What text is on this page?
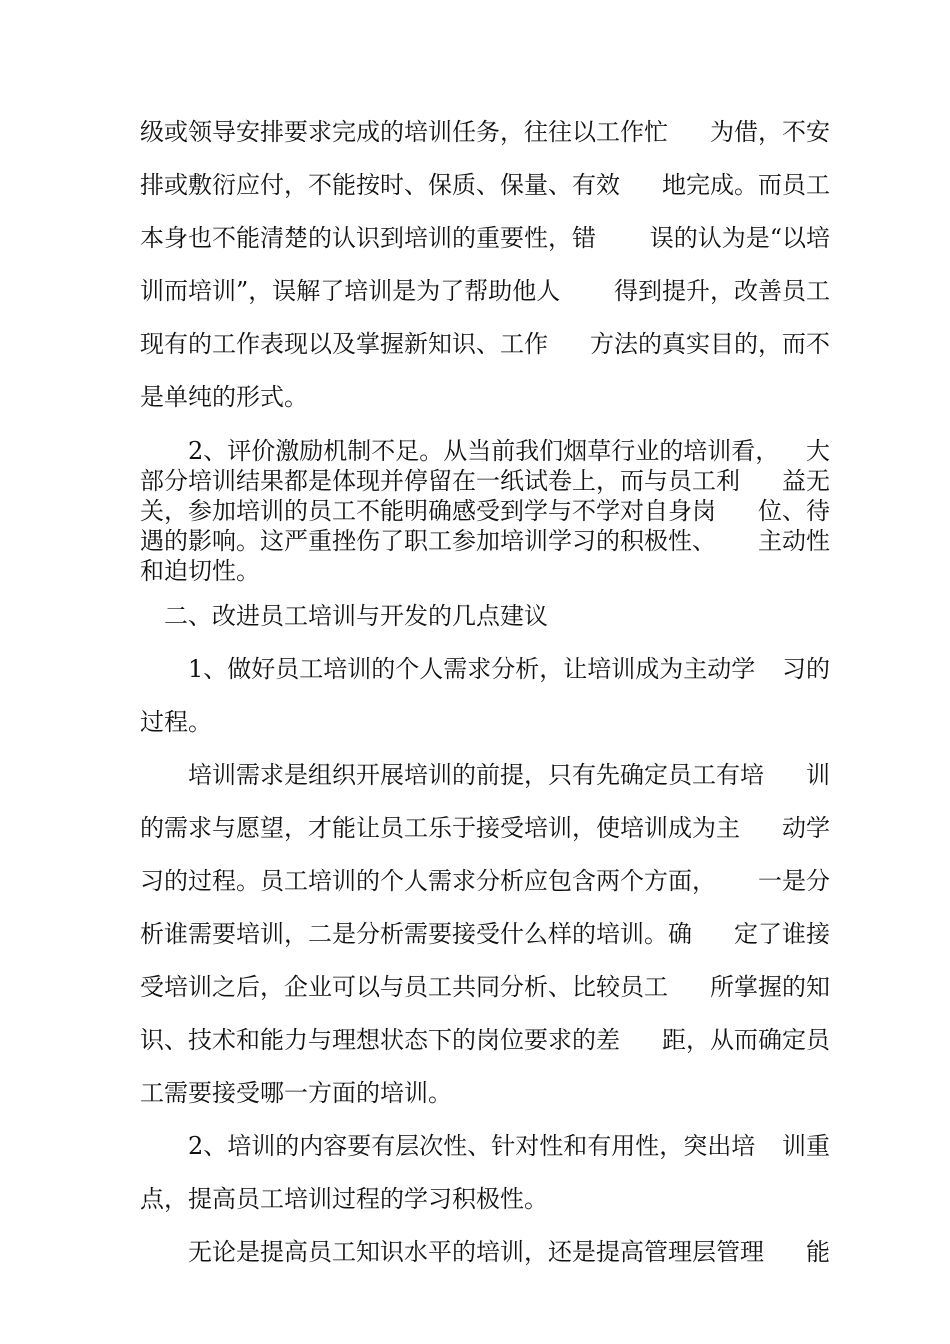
级或领导安排要求完成的培训任务，往往以工作忙 为借，不安
排或敷衍应付，不能按时、保质、保量、有效 地完成。而员工
本身也不能清楚的认识到培训的重要性，错 误的认为是“以培
训而培训”，误解了培训是为了帮助他人 得到提升，改善员工
现有的工作表现以及掌握新知识、工作 方法的真实目的，而不
是单纯的形式。
2、评价激励机制不足。从当前我们烟草行业的培训看， 大
部分培训结果都是体现并停留在一纸试卷上，而与员工利 益无
关，参加培训的员工不能明确感受到学与不学对自身岗 位、待
遇的影响。这严重挫伤了职工参加培训学习的积极性、 主动性
和迫切性。
二、改进员工培训与开发的几点建议
1、做好员工培训的个人需求分析，让培训成为主动学 习的
过程。
培训需求是组织开展培训的前提，只有先确定员工有培 训
的需求与愿望，才能让员工乐于接受培训，使培训成为主 动学
习的过程。员工培训的个人需求分析应包含两个方面， 一是分
析谁需要培训，二是分析需要接受什么样的培训。确 定了谁接
受培训之后，企业可以与员工共同分析、比较员工 所掌握的知
识、技术和能力与理想状态下的岗位要求的差 距，从而确定员
工需要接受哪一方面的培训。
2、培训的内容要有层次性、针对性和有用性，突出培 训重
点，提高员工培训过程的学习积极性。
无论是提高员工知识水平的培训，还是提高管理层管理 能
